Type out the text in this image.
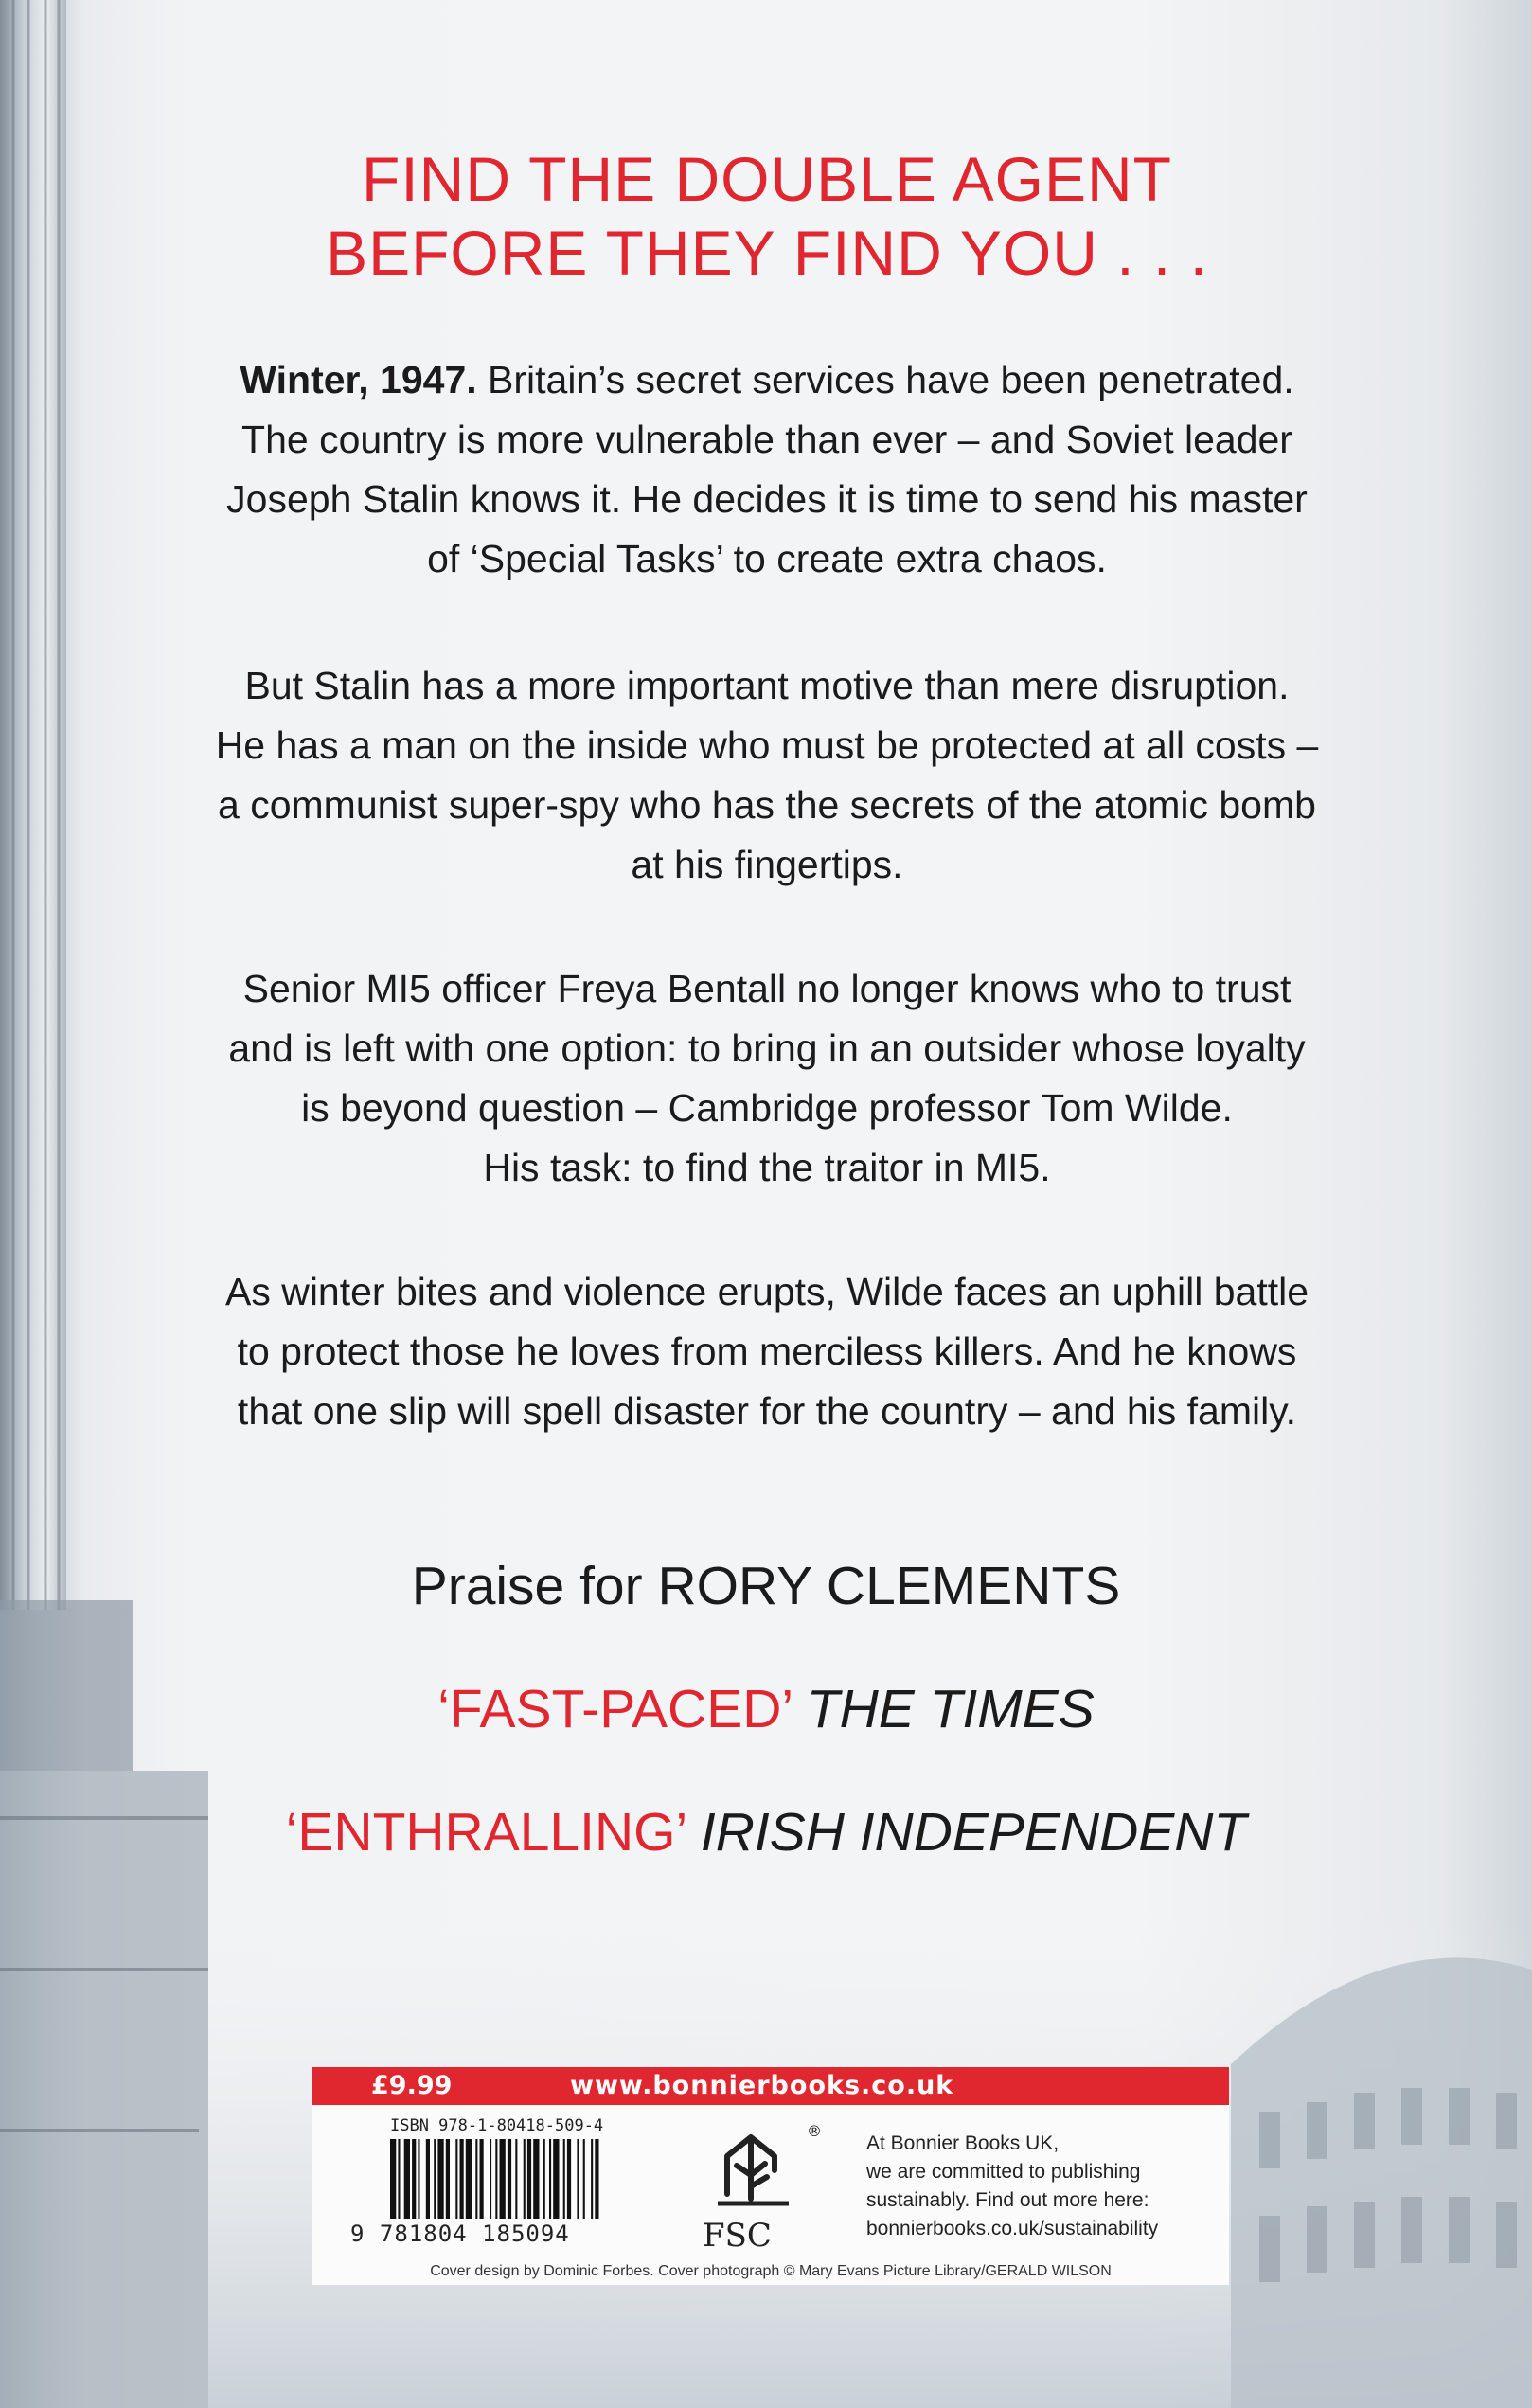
FIND THE DOUBLE AGENT
BEFORE THEY FIND YOU . . .
Winter, 1947. Britain’s secret services have been penetrated.
The country is more vulnerable than ever – and Soviet leader
Joseph Stalin knows it. He decides it is time to send his master
of ‘Special Tasks’ to create extra chaos.
But Stalin has a more important motive than mere disruption.
He has a man on the inside who must be protected at all costs –
a communist super-spy who has the secrets of the atomic bomb
at his fingertips.
Senior MI5 officer Freya Bentall no longer knows who to trust
and is left with one option: to bring in an outsider whose loyalty
is beyond question – Cambridge professor Tom Wilde.
His task: to find the traitor in MI5.
As winter bites and violence erupts, Wilde faces an uphill battle
to protect those he loves from merciless killers. And he knows
that one slip will spell disaster for the country – and his family.
Praise for RORY CLEMENTS
‘FAST-PACED’ THE TIMES
‘ENTHRALLING’ IRISH INDEPENDENT
£9.99	www.bonnierbooks.co.uk
ISBN 978-1-80418-509-4
9 781804 185094
®
FSC
At Bonnier Books UK,
we are committed to publishing
sustainably. Find out more here:
bonnierbooks.co.uk/sustainability
Cover design by Dominic Forbes. Cover photograph © Mary Evans Picture Library/GERALD WILSON
